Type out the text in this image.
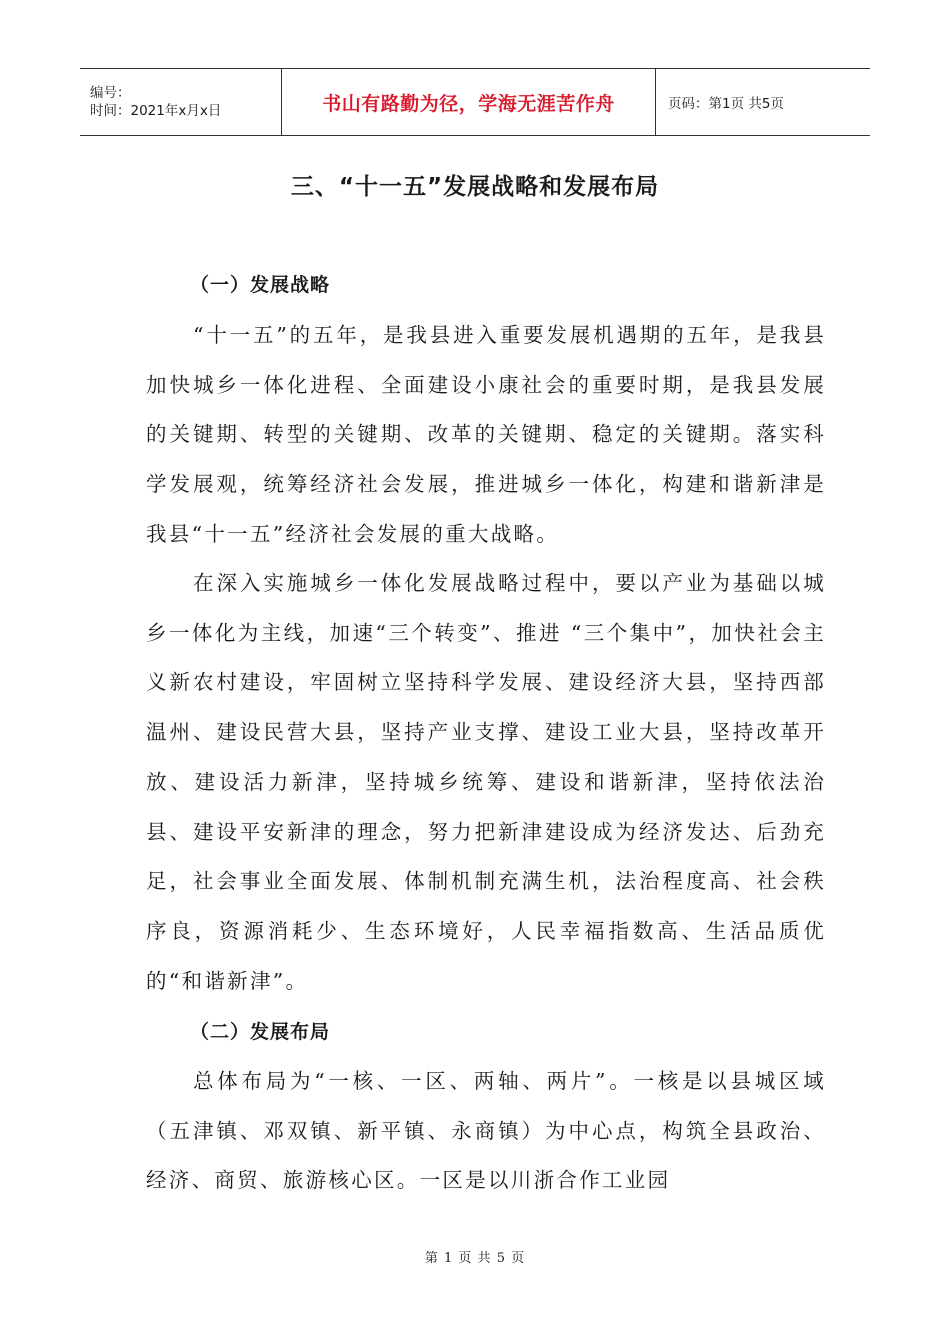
编号：
时间：2021年x月x日	书山有路勤为径，学海无涯苦作舟	页码：第1页 共5页
三、“十一五”发展战略和发展布局
（一）发展战略

“十一五”的五年，是我县进入重要发展机遇期的五年，是我县加快城乡一体化进程、全面建设小康社会的重要时期，是我县发展的关键期、转型的关键期、改革的关键期、稳定的关键期。落实科学发展观，统筹经济社会发展，推进城乡一体化，构建和谐新津是我县“十一五”经济社会发展的重大战略。

在深入实施城乡一体化发展战略过程中，要以产业为基础以城乡一体化为主线，加速“三个转变”、推进 “三个集中”，加快社会主义新农村建设，牢固树立坚持科学发展、建设经济大县，坚持西部温州、建设民营大县，坚持产业支撑、建设工业大县，坚持改革开放、建设活力新津，坚持城乡统筹、建设和谐新津，坚持依法治县、建设平安新津的理念，努力把新津建设成为经济发达、后劲充足，社会事业全面发展、体制机制充满生机，法治程度高、社会秩序良，资源消耗少、生态环境好，人民幸福指数高、生活品质优的“和谐新津”。

（二）发展布局

总体布局为“一核、一区、两轴、两片”。一核是以县城区域（五津镇、邓双镇、新平镇、永商镇）为中心点，构筑全县政治、经济、商贸、旅游核心区。一区是以川浙合作工业园

第 1 页 共 5 页
